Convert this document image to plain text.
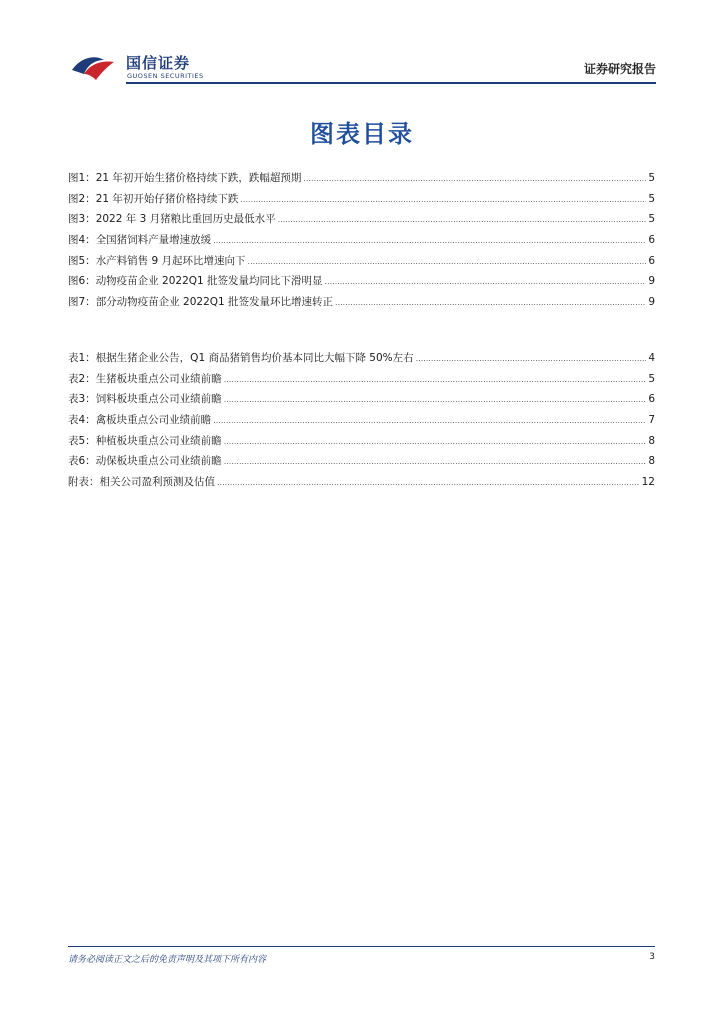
国信证券
GUOSEN SECURITIES	证券研究报告
图表目录
图1： 21 年初开始生猪价格持续下跌，跌幅超预期 .....	5
图2： 21 年初开始仔猪价格持续下跌 .....	5
图3： 2022 年 3 月猪粮比重回历史最低水平 .....	5
图4： 全国猪饲料产量增速放缓 .....	6
图5： 水产料销售 9 月起环比增速向下 .....	6
图6： 动物疫苗企业 2022Q1 批签发量均同比下滑明显 .....	9
图7： 部分动物疫苗企业 2022Q1 批签发量环比增速转正 .....	9
表1： 根据生猪企业公告，Q1 商品猪销售均价基本同比大幅下降 50%左右 .....	4
表2： 生猪板块重点公司业绩前瞻 .....	5
表3： 饲料板块重点公司业绩前瞻 .....	6
表4： 禽板块重点公司业绩前瞻 .....	7
表5： 种植板块重点公司业绩前瞻 .....	8
表6： 动保板块重点公司业绩前瞻 .....	8
附表： 相关公司盈利预测及估值 .....	12
请务必阅读正文之后的免责声明及其项下所有内容	3
